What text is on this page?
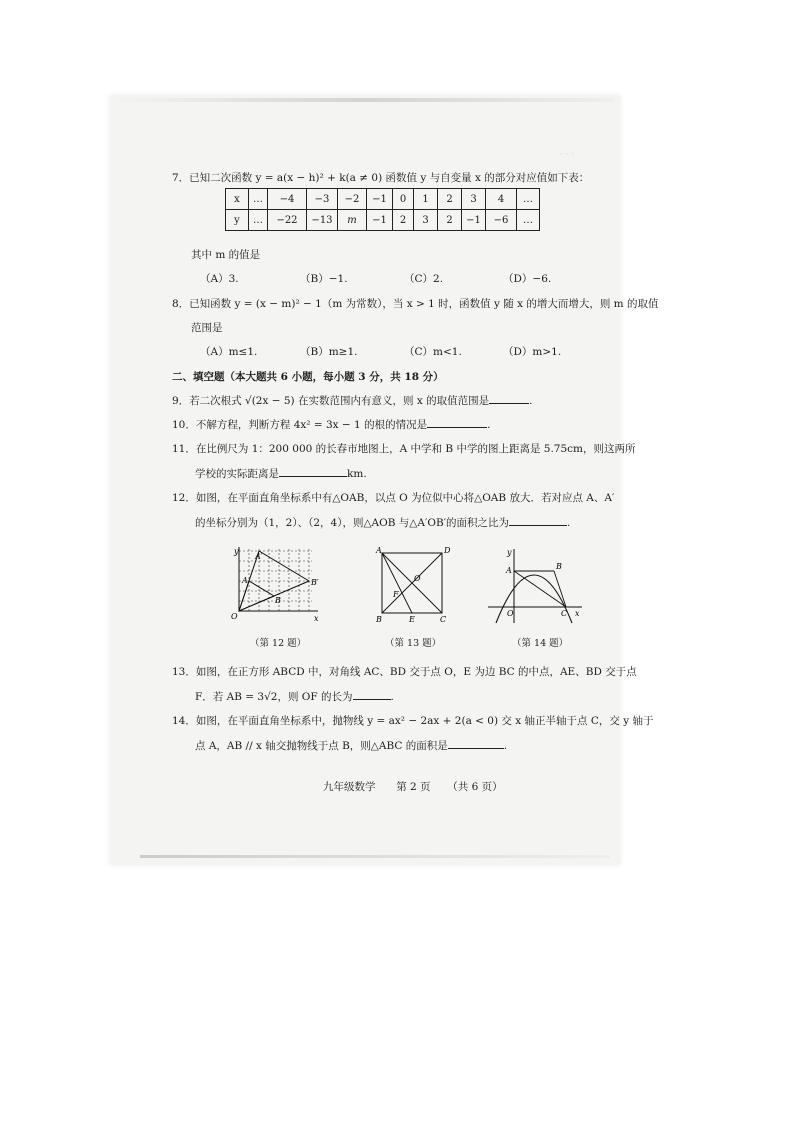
7．已知二次函数 y = a(x − h)² + k(a ≠ 0) 函数值 y 与自变量 x 的部分对应值如下表：
x	…	−4	−3	−2	−1	0	1	2	3	4	…
y	…	−22	−13	m	−1	2	3	2	−1	−6	…
其中 m 的值是
（A）3.	（B）−1.	（C）2.	（D）−6.
8．已知函数 y = (x − m)² − 1（m 为常数），当 x > 1 时，函数值 y 随 x 的增大而增大，则 m 的取值
范围是
（A）m≤1.	（B）m≥1.	（C）m<1.	（D）m>1.
二、填空题（本大题共 6 小题，每小题 3 分，共 18 分）
9．若二次根式 √(2x − 5) 在实数范围内有意义，则 x 的取值范围是	.
10．不解方程，判断方程 4x² = 3x − 1 的根的情况是	.
11．在比例尺为 1：200 000 的长春市地图上，A 中学和 B 中学的图上距离是 5.75cm，则这两所
学校的实际距离是	km.
12．如图，在平面直角坐标系中有△OAB，以点 O 为位似中心将△OAB 放大．若对应点 A、A′
的坐标分别为（1，2）、（2，4），则△AOB 与△A′OB′的面积之比为	.
· · ·
y
x
O
A
A′
B
B′
（第 12 题）
A	D
O
F
B	E	C
（第 13 题）
y
A	B
O	C x
（第 14 题）
13．如图，在正方形 ABCD 中，对角线 AC、BD 交于点 O，E 为边 BC 的中点，AE、BD 交于点
F．若 AB = 3√2，则 OF 的长为	.
14．如图，在平面直角坐标系中，抛物线 y = ax² − 2ax + 2(a < 0) 交 x 轴正半轴于点 C，交 y 轴于
点 A，AB // x 轴交抛物线于点 B，则△ABC 的面积是	.
九年级数学 第 2 页 （共 6 页）
